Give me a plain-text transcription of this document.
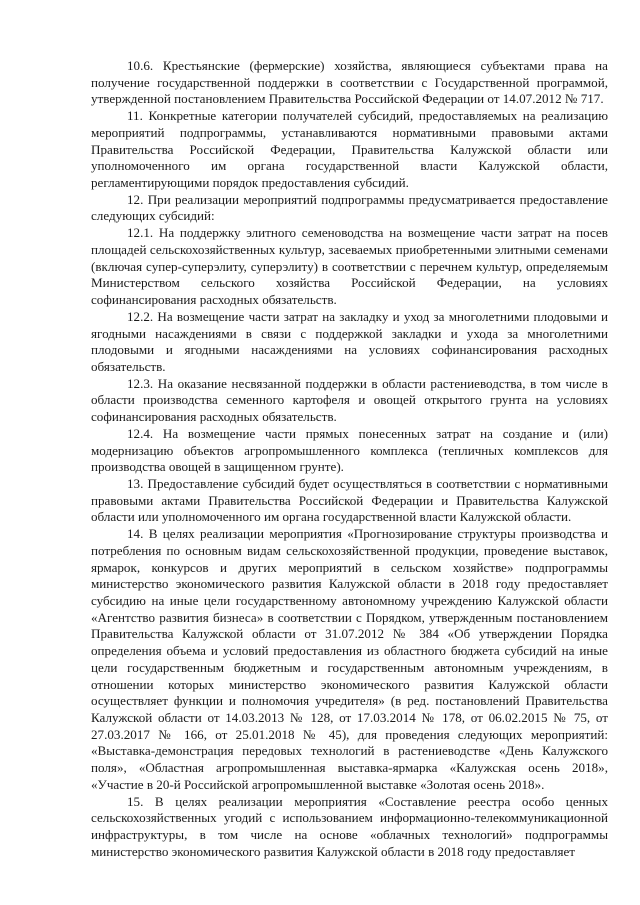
10.6. Крестьянские (фермерские) хозяйства, являющиеся субъектами права на получение государственной поддержки в соответствии с Государственной программой, утвержденной постановлением Правительства Российской Федерации от 14.07.2012 № 717.

11. Конкретные категории получателей субсидий, предоставляемых на реализацию мероприятий подпрограммы, устанавливаются нормативными правовыми актами Правительства Российской Федерации, Правительства Калужской области или уполномоченного им органа государственной власти Калужской области, регламентирующими порядок предоставления субсидий.

12. При реализации мероприятий подпрограммы предусматривается предоставление следующих субсидий:

12.1. На поддержку элитного семеноводства на возмещение части затрат на посев площадей сельскохозяйственных культур, засеваемых приобретенными элитными семенами (включая супер-суперэлиту, суперэлиту) в соответствии с перечнем культур, определяемым Министерством сельского хозяйства Российской Федерации, на условиях софинансирования расходных обязательств.

12.2. На возмещение части затрат на закладку и уход за многолетними плодовыми и ягодными насаждениями в связи с поддержкой закладки и ухода за многолетними плодовыми и ягодными насаждениями на условиях софинансирования расходных обязательств.

12.3. На оказание несвязанной поддержки в области растениеводства, в том числе в области производства семенного картофеля и овощей открытого грунта на условиях софинансирования расходных обязательств.

12.4. На возмещение части прямых понесенных затрат на создание и (или) модернизацию объектов агропромышленного комплекса (тепличных комплексов для производства овощей в защищенном грунте).

13. Предоставление субсидий будет осуществляться в соответствии с нормативными правовыми актами Правительства Российской Федерации и Правительства Калужской области или уполномоченного им органа государственной власти Калужской области.

14. В целях реализации мероприятия «Прогнозирование структуры производства и потребления по основным видам сельскохозяйственной продукции, проведение выставок, ярмарок, конкурсов и других мероприятий в сельском хозяйстве» подпрограммы министерство экономического развития Калужской области в 2018 году предоставляет субсидию на иные цели государственному автономному учреждению Калужской области «Агентство развития бизнеса» в соответствии с Порядком, утвержденным постановлением Правительства Калужской области от 31.07.2012 № 384 «Об утверждении Порядка определения объема и условий предоставления из областного бюджета субсидий на иные цели государственным бюджетным и государственным автономным учреждениям, в отношении которых министерство экономического развития Калужской области осуществляет функции и полномочия учредителя» (в ред. постановлений Правительства Калужской области от 14.03.2013 № 128, от 17.03.2014 № 178, от 06.02.2015 № 75, от 27.03.2017 № 166, от 25.01.2018 № 45), для проведения следующих мероприятий: «Выставка-демонстрация передовых технологий в растениеводстве «День Калужского поля», «Областная агропромышленная выставка-ярмарка «Калужская осень 2018», «Участие в 20-й Российской агропромышленной выставке «Золотая осень 2018».

15. В целях реализации мероприятия «Составление реестра особо ценных сельскохозяйственных угодий с использованием информационно-телекоммуникационной инфраструктуры, в том числе на основе «облачных технологий» подпрограммы министерство экономического развития Калужской области в 2018 году предоставляет
